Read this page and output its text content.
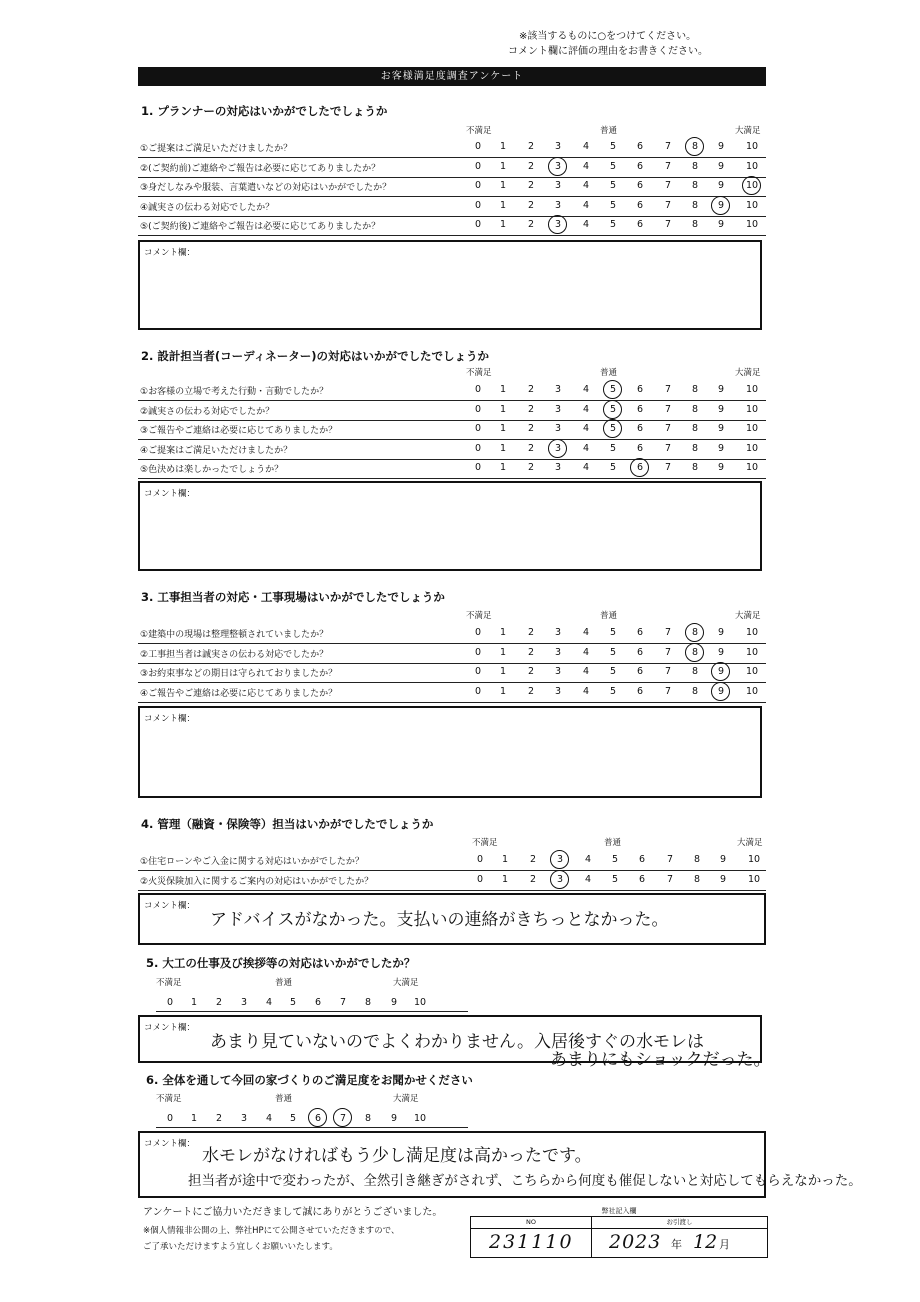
※該当するものに○をつけてください。
コメント欄に評価の理由をお書きください。
お客様満足度調査アンケート
1. プランナーの対応はいかがでしたでしょうか
不満足	普通	大満足
①ご提案はご満足いただけましたか？	0	1	2	3	4	5	6	7	8	9	10
②(ご契約前)ご連絡やご報告は必要に応じてありましたか？	0	1	2	3	4	5	6	7	8	9	10
③身だしなみや服装、言葉遣いなどの対応はいかがでしたか？	0	1	2	3	4	5	6	7	8	9	10
④誠実さの伝わる対応でしたか？	0	1	2	3	4	5	6	7	8	9	10
⑤(ご契約後)ご連絡やご報告は必要に応じてありましたか？	0	1	2	3	4	5	6	7	8	9	10
コメント欄：
2. 設計担当者(コーディネーター)の対応はいかがでしたでしょうか
不満足	普通	大満足
①お客様の立場で考えた行動・言動でしたか？	0	1	2	3	4	5	6	7	8	9	10
②誠実さの伝わる対応でしたか？	0	1	2	3	4	5	6	7	8	9	10
③ご報告やご連絡は必要に応じてありましたか？	0	1	2	3	4	5	6	7	8	9	10
④ご提案はご満足いただけましたか？	0	1	2	3	4	5	6	7	8	9	10
⑤色決めは楽しかったでしょうか？	0	1	2	3	4	5	6	7	8	9	10
コメント欄：
3. 工事担当者の対応・工事現場はいかがでしたでしょうか
不満足	普通	大満足
①建築中の現場は整理整頓されていましたか？	0	1	2	3	4	5	6	7	8	9	10
②工事担当者は誠実さの伝わる対応でしたか？	0	1	2	3	4	5	6	7	8	9	10
③お約束事などの期日は守られておりましたか？	0	1	2	3	4	5	6	7	8	9	10
④ご報告やご連絡は必要に応じてありましたか？	0	1	2	3	4	5	6	7	8	9	10
コメント欄：
4. 管理（融資・保険等）担当はいかがでしたでしょうか
不満足	普通	大満足
①住宅ローンやご入金に関する対応はいかがでしたか？	0	1	2	3	4	5	6	7	8	9	10
②火災保険加入に関するご案内の対応はいかがでしたか？	0	1	2	3	4	5	6	7	8	9	10
コメント欄：
アドバイスがなかった。支払いの連絡がきちっとなかった。
5. 大工の仕事及び挨拶等の対応はいかがでしたか？
不満足	普通	大満足
0	1	2	3	4	5	6	7	8	9	10
コメント欄：
あまり見ていないのでよくわかりません。入居後すぐの水モレは
あまりにもショックだった。
6. 全体を通して今回の家づくりのご満足度をお聞かせください
不満足	普通	大満足
0	1	2	3	4	5	6	7	8	9	10 6 / 7
コメント欄：
水モレがなければもう少し満足度は高かったです。
担当者が途中で変わったが、全然引き継ぎがされず、こちらから何度も催促しないと対応してもらえなかった。
アンケートにご協力いただきまして誠にありがとうございました。
※個人情報非公開の上、弊社HPにて公開させていただきますので、
ご了承いただけますよう宜しくお願いいたします。
弊社記入欄
NO	お引渡し
231110 2023 年 12 月
